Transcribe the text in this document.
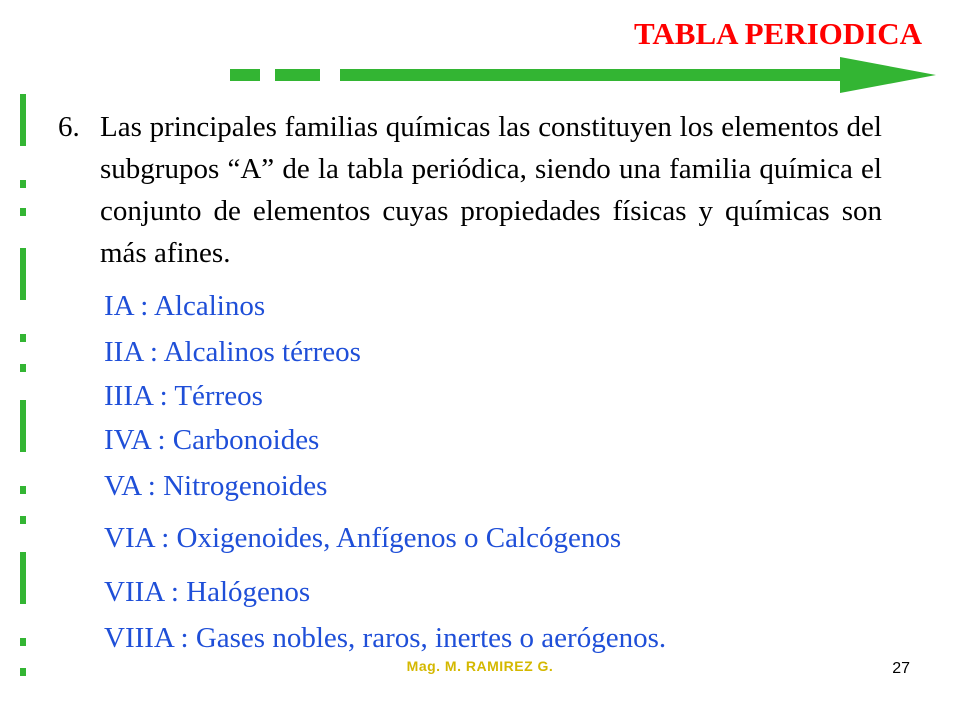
TABLA PERIODICA
6. Las principales familias químicas las constituyen los elementos del subgrupos “A” de la tabla periódica, siendo una familia química el conjunto de elementos cuyas propiedades físicas y químicas son más afines.
IA : Alcalinos
IIA : Alcalinos térreos
IIIA : Térreos
IVA : Carbonoides
VA : Nitrogenoides
VIA : Oxigenoides, Anfígenos o Calcógenos
VIIA : Halógenos
VIIIA : Gases nobles, raros, inertes o aerógenos.
Mag. M. RAMIREZ G.	27
